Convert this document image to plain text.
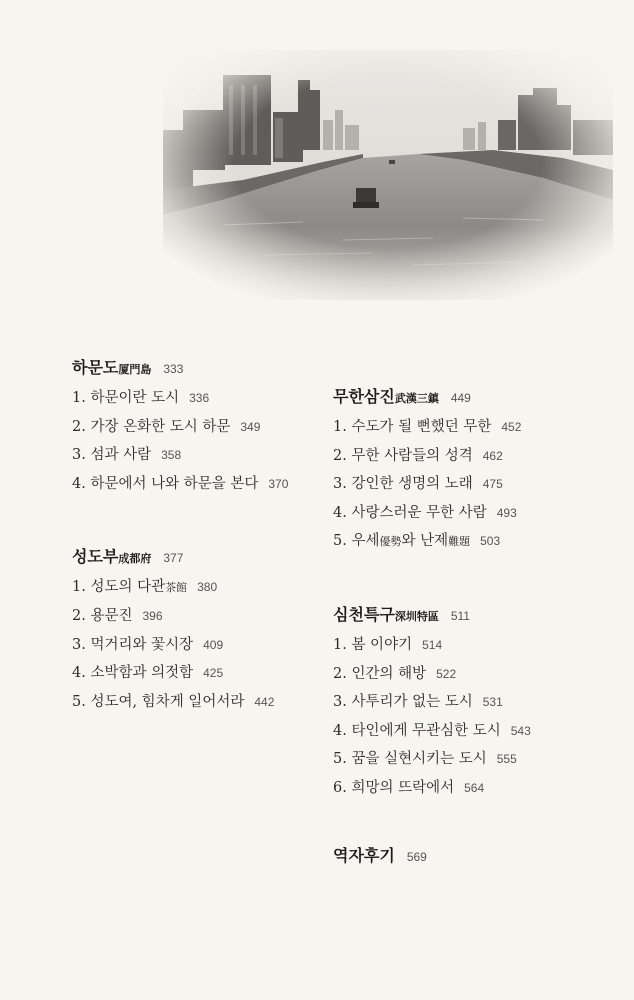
하문도厦門島 333
1. 하문이란 도시 336
2. 가장 온화한 도시 하문 349
3. 섬과 사람 358
4. 하문에서 나와 하문을 본다 370
성도부成都府 377
1. 성도의 다관茶館 380
2. 용문진 396
3. 먹거리와 꽃시장 409
4. 소박함과 의젓함 425
5. 성도여, 힘차게 일어서라 442
무한삼진武漢三鎮 449
1. 수도가 될 뻔했던 무한 452
2. 무한 사람들의 성격 462
3. 강인한 생명의 노래 475
4. 사랑스러운 무한 사람 493
5. 우세優勢와 난제難題 503
심천특구深圳特區 511
1. 봄 이야기 514
2. 인간의 해방 522
3. 사투리가 없는 도시 531
4. 타인에게 무관심한 도시 543
5. 꿈을 실현시키는 도시 555
6. 희망의 뜨락에서 564
역자후기 569
